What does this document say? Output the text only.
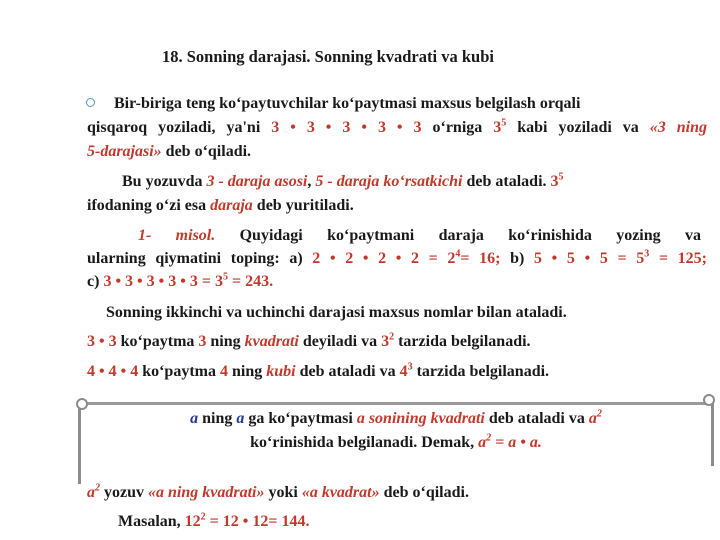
18. Sonning darajasi. Sonning kvadrati va kubi
Bir-biriga teng ko‘paytuvchilar ko‘paytmasi maxsus belgilash orqali
qisqaroq yoziladi, ya'ni 3 • 3 • 3 • 3 • 3 o‘rniga $3^5$ kabi yoziladi va «3 ning
5-darajasi» deb o‘qiladi.
Bu yozuvda 3 - daraja asosi, 5 - daraja ko‘rsatkichi deb ataladi. $3^5$
ifodaning o‘zi esa daraja deb yuritiladi.
1- misol. Quyidagi ko‘paytmani daraja ko‘rinishida yozing va
ularning qiymatini toping: a) 2 • 2 • 2 • $2 = 2^4= 16$; b) 5 • 5 • $5 = 5^3 = 125$;
c) 3 • 3 • 3 • 3 • $3 = 3^5 = 243$.
Sonning ikkinchi va uchinchi darajasi maxsus nomlar bilan ataladi.
3 • 3 ko‘paytma 3 ning kvadrati deyiladi va $3^2$ tarzida belgilanadi.
4 • 4 • 4 ko‘paytma 4 ning kubi deb ataladi va $4^3$ tarzida belgilanadi.
a ning a ga ko‘paytmasi a sonining kvadrati deb ataladi va $a^2$
ko‘rinishida belgilanadi. Demak, $a^2 = a$ • a.
$a^2$ yozuv «a ning kvadrati» yoki «a kvadrat» deb o‘qiladi.
Masalan, $12^2 = 12$ • 12= 144.
